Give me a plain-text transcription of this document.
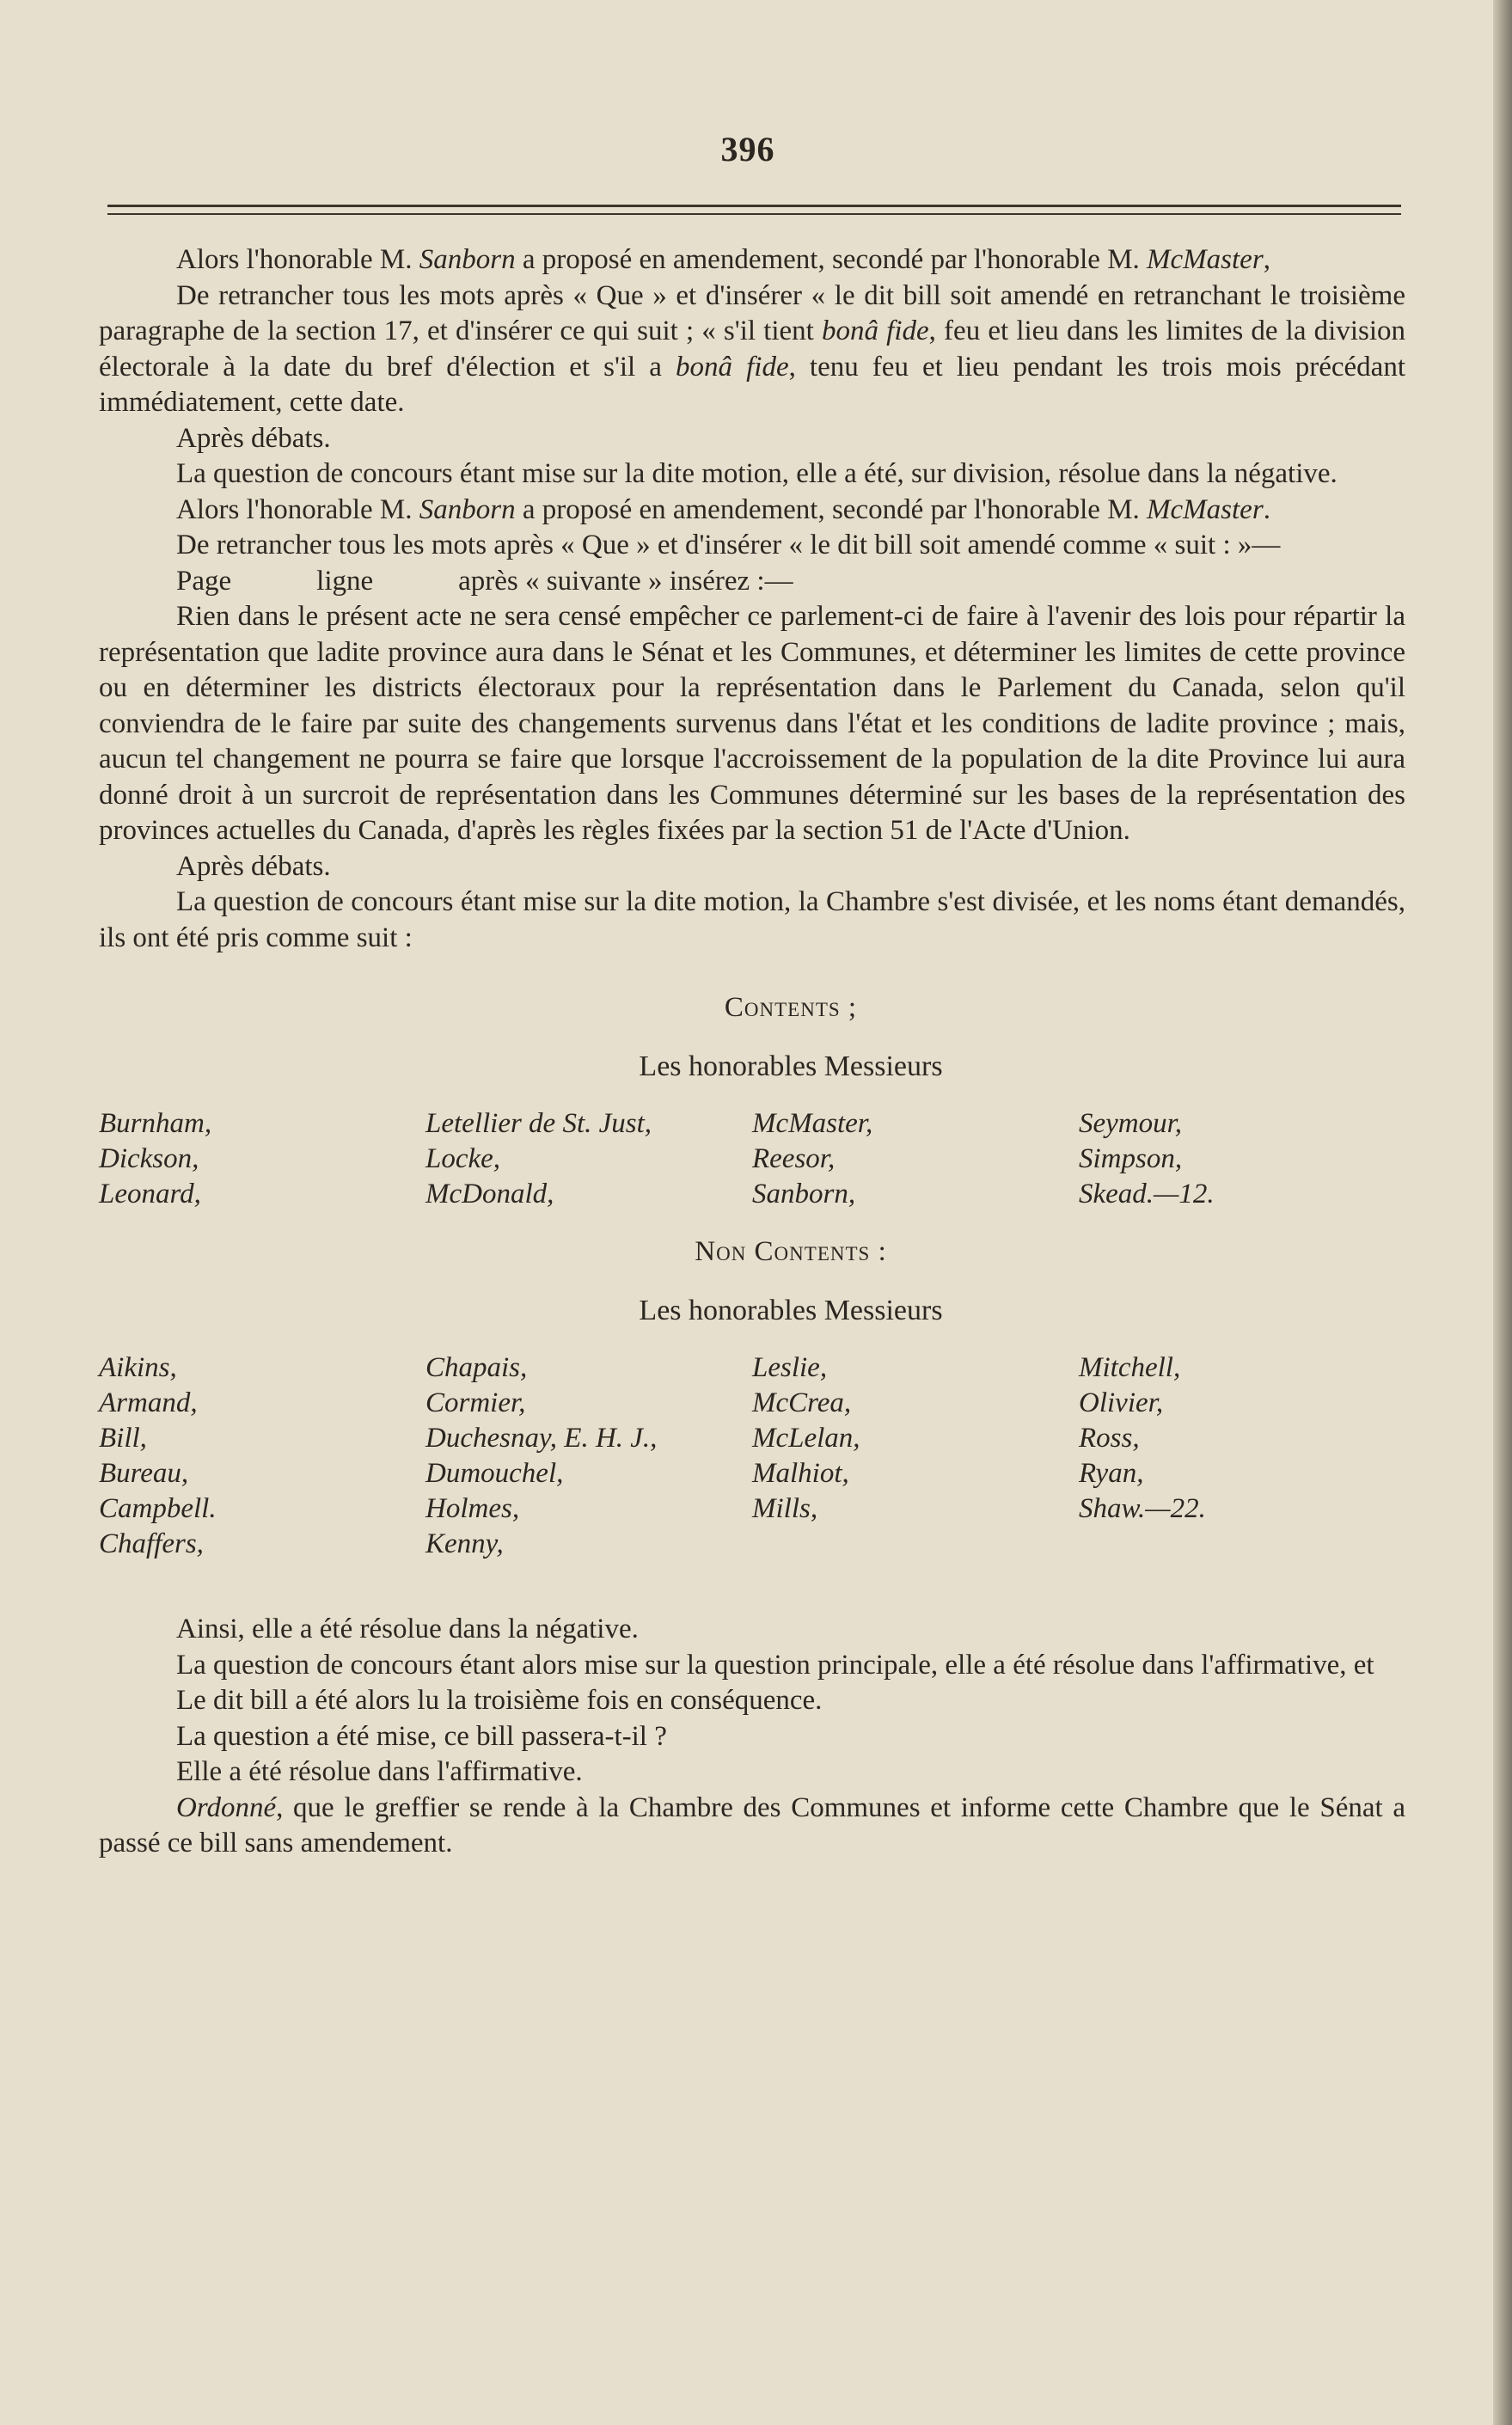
396

Alors l'honorable M. Sanborn a proposé en amendement, secondé par l'honorable M. McMaster,

De retrancher tous les mots après « Que » et d'insérer « le dit bill soit amendé en retranchant le troisième paragraphe de la section 17, et d'insérer ce qui suit ; « s'il tient bonâ fide, feu et lieu dans les limites de la division électorale à la date du bref d'élection et s'il a bonâ fide, tenu feu et lieu pendant les trois mois précédant immédiatement, cette date.

Après débats.

La question de concours étant mise sur la dite motion, elle a été, sur division, résolue dans la négative.

Alors l'honorable M. Sanborn a proposé en amendement, secondé par l'honorable M. McMaster.

De retrancher tous les mots après « Que » et d'insérer « le dit bill soit amendé comme « suit : »—

Page	ligne	après « suivante » insérez :—

Rien dans le présent acte ne sera censé empêcher ce parlement-ci de faire à l'avenir des lois pour répartir la représentation que ladite province aura dans le Sénat et les Communes, et déterminer les limites de cette province ou en déterminer les districts électoraux pour la représentation dans le Parlement du Canada, selon qu'il conviendra de le faire par suite des changements survenus dans l'état et les conditions de ladite province ; mais, aucun tel changement ne pourra se faire que lorsque l'accroissement de la population de la dite Province lui aura donné droit à un surcroit de représentation dans les Communes déterminé sur les bases de la représentation des provinces actuelles du Canada, d'après les règles fixées par la section 51 de l'Acte d'Union.

Après débats.

La question de concours étant mise sur la dite motion, la Chambre s'est divisée, et les noms étant demandés, ils ont été pris comme suit :

Contents ;

Les honorables Messieurs

Burnham,	Letellier de St. Just,	McMaster,	Seymour,
Dickson,	Locke,	Reesor,	Simpson,
Leonard,	McDonald,	Sanborn,	Skead.—12.

Non Contents :

Les honorables Messieurs

Aikins,	Chapais,	Leslie,	Mitchell,
Armand,	Cormier,	McCrea,	Olivier,
Bill,	Duchesnay, E. H. J.,	McLelan,	Ross,
Bureau,	Dumouchel,	Malhiot,	Ryan,
Campbell.	Holmes,	Mills,	Shaw.—22.
Chaffers,	Kenny,

Ainsi, elle a été résolue dans la négative.

La question de concours étant alors mise sur la question principale, elle a été résolue dans l'affirmative, et

Le dit bill a été alors lu la troisième fois en conséquence.

La question a été mise, ce bill passera-t-il ?

Elle a été résolue dans l'affirmative.

Ordonné, que le greffier se rende à la Chambre des Communes et informe cette Chambre que le Sénat a passé ce bill sans amendement.
